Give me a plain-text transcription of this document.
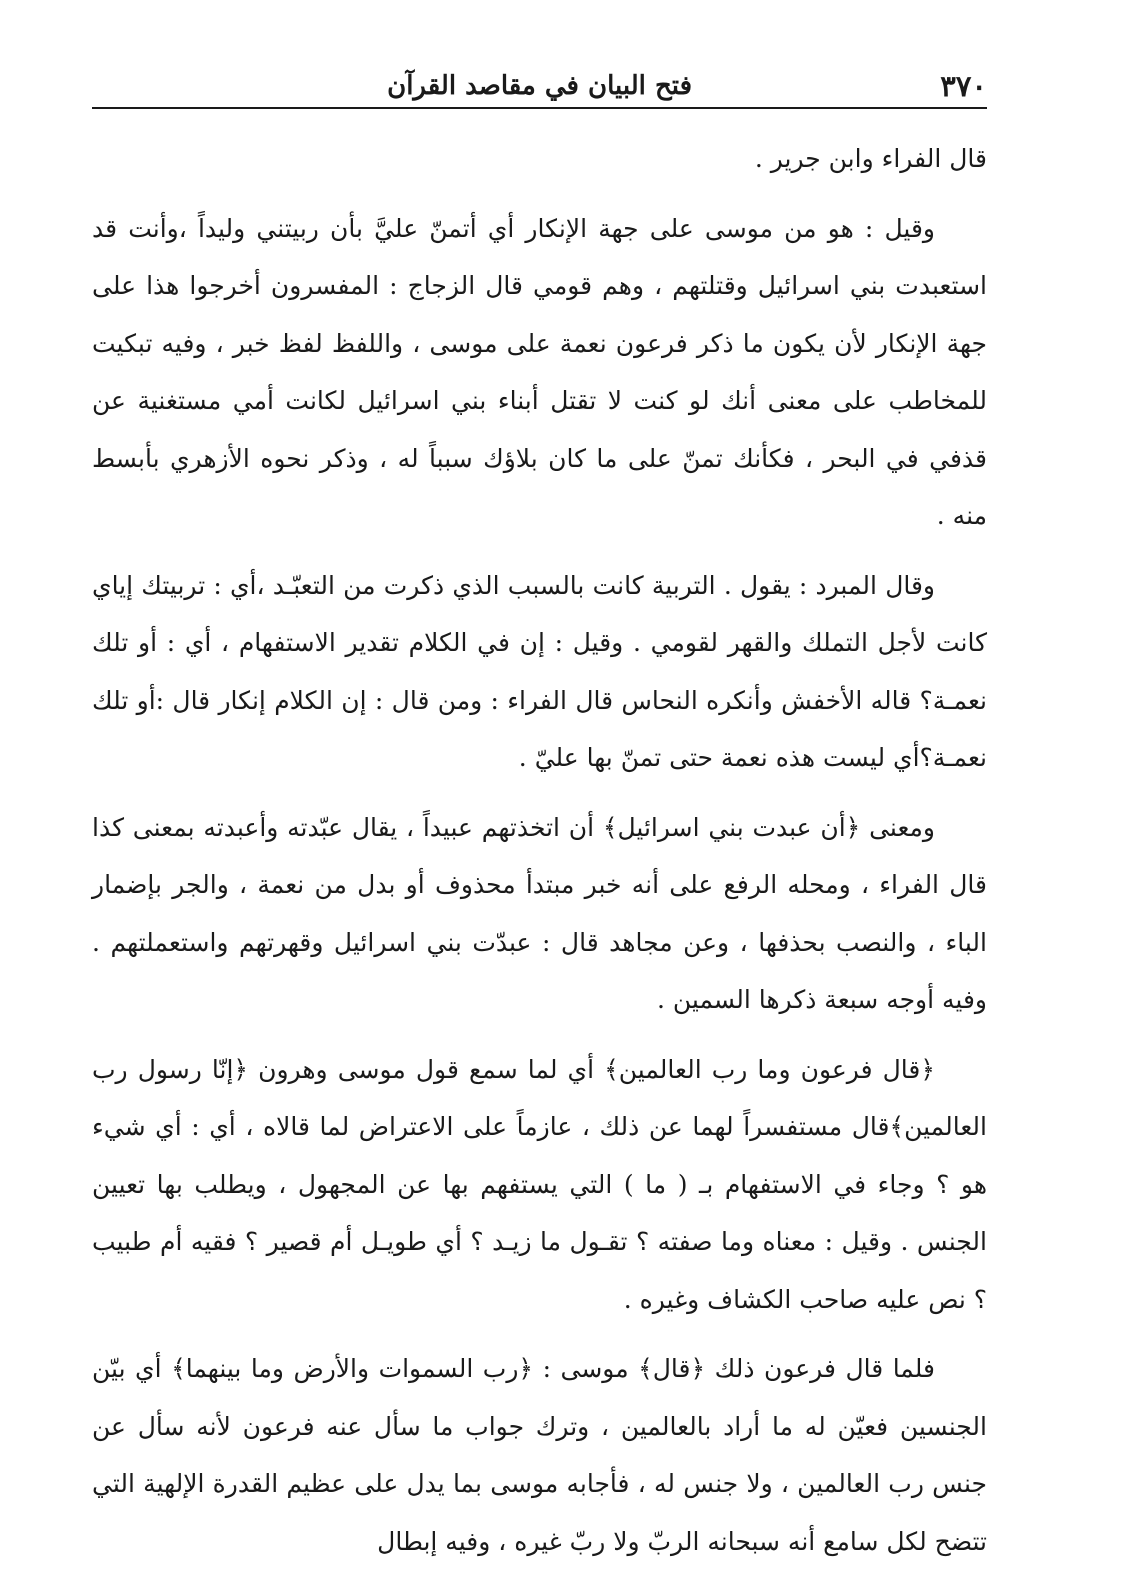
٣٧٠
فتح البيان في مقاصد القرآن

قال الفراء وابن جرير .

وقيل : هو من موسى على جهة الإنكار أي أتمنّ عليَّ بأن ربيتني وليداً ،وأنت قد استعبدت بني اسرائيل وقتلتهم ، وهم قومي قال الزجاج : المفسرون أخرجوا هذا على جهة الإنكار لأن يكون ما ذكر فرعون نعمة على موسى ، واللفظ لفظ خبر ، وفيه تبكيت للمخاطب على معنى أنك لو كنت لا تقتل أبناء بني اسرائيل لكانت أمي مستغنية عن قذفي في البحر ، فكأنك تمنّ على ما كان بلاؤك سبباً له ، وذكر نحوه الأزهري بأبسط منه .

وقال المبرد : يقول . التربية كانت بالسبب الذي ذكرت من التعبّـد ،أي : تربيتك إياي كانت لأجل التملك والقهر لقومي . وقيل : إن في الكلام تقدير الاستفهام ، أي : أو تلك نعمـة؟ قاله الأخفش وأنكره النحاس قال الفراء : ومن قال : إن الكلام إنكار قال :أو تلك نعمـة؟أي ليست هذه نعمة حتى تمنّ بها عليّ .

ومعنى ﴿أن عبدت بني اسرائيل﴾ أن اتخذتهم عبيداً ، يقال عبّدته وأعبدته بمعنى كذا قال الفراء ، ومحله الرفع على أنه خبر مبتدأ محذوف أو بدل من نعمة ، والجر بإضمار الباء ، والنصب بحذفها ، وعن مجاهد قال : عبدّت بني اسرائيل وقهرتهم واستعملتهم . وفيه أوجه سبعة ذكرها السمين .

﴿قال فرعون وما رب العالمين﴾ أي لما سمع قول موسى وهرون ﴿إنّا رسول رب العالمين﴾قال مستفسراً لهما عن ذلك ، عازماً على الاعتراض لما قالاه ، أي : أي شيء هو ؟ وجاء في الاستفهام بـ ( ما ) التي يستفهم بها عن المجهول ، ويطلب بها تعيين الجنس . وقيل : معناه وما صفته ؟ تقـول ما زيـد ؟ أي طويـل أم قصير ؟ فقيه أم طبيب ؟ نص عليه صاحب الكشاف وغيره .

فلما قال فرعون ذلك ﴿قال﴾ موسى : ﴿رب السموات والأرض وما بينهما﴾ أي بيّن الجنسين فعيّن له ما أراد بالعالمين ، وترك جواب ما سأل عنه فرعون لأنه سأل عن جنس رب العالمين ، ولا جنس له ، فأجابه موسى بما يدل على عظيم القدرة الإلهية التي تتضح لكل سامع أنه سبحانه الربّ ولا ربّ غيره ، وفيه إبطال
